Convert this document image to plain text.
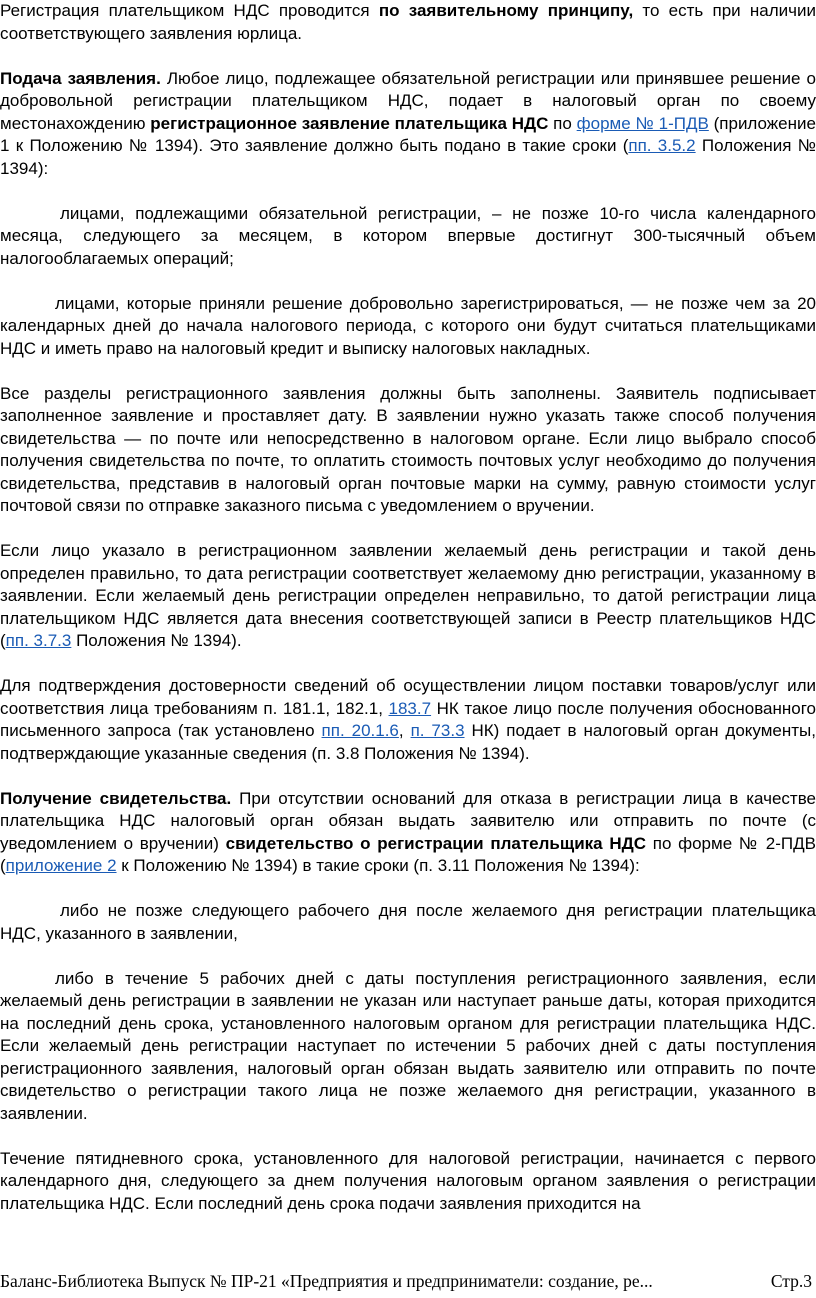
Регистрация плательщиком НДС проводится по заявительному принципу, то есть при наличии соответствующего заявления юрлица.

Подача заявления. Любое лицо, подлежащее обязательной регистрации или принявшее решение о добровольной регистрации плательщиком НДС, подает в налоговый орган по своему местонахождению регистрационное заявление плательщика НДС по форме № 1-ПДВ (приложение 1 к Положению № 1394). Это заявление должно быть подано в такие сроки (пп. 3.5.2 Положения № 1394):

лицами, подлежащими обязательной регистрации, – не позже 10-го числа календарного месяца, следующего за месяцем, в котором впервые достигнут 300-тысячный объем налогооблагаемых операций;

лицами, которые приняли решение добровольно зарегистрироваться, — не позже чем за 20 календарных дней до начала налогового периода, с которого они будут считаться плательщиками НДС и иметь право на налоговый кредит и выписку налоговых накладных.

Все разделы регистрационного заявления должны быть заполнены. Заявитель подписывает заполненное заявление и проставляет дату. В заявлении нужно указать также способ получения свидетельства — по почте или непосредственно в налоговом органе. Если лицо выбрало способ получения свидетельства по почте, то оплатить стоимость почтовых услуг необходимо до получения свидетельства, представив в налоговый орган почтовые марки на сумму, равную стоимости услуг почтовой связи по отправке заказного письма с уведомлением о вручении.

Если лицо указало в регистрационном заявлении желаемый день регистрации и такой день определен правильно, то дата регистрации соответствует желаемому дню регистрации, указанному в заявлении. Если желаемый день регистрации определен неправильно, то датой регистрации лица плательщиком НДС является дата внесения соответствующей записи в Реестр плательщиков НДС (пп. 3.7.3 Положения № 1394).

Для подтверждения достоверности сведений об осуществлении лицом поставки товаров/услуг или соответствия лица требованиям п. 181.1, 182.1, 183.7 НК такое лицо после получения обоснованного письменного запроса (так установлено пп. 20.1.6, п. 73.3 НК) подает в налоговый орган документы, подтверждающие указанные сведения (п. 3.8 Положения № 1394).

Получение свидетельства. При отсутствии оснований для отказа в регистрации лица в качестве плательщика НДС налоговый орган обязан выдать заявителю или отправить по почте (с уведомлением о вручении) свидетельство о регистрации плательщика НДС по форме № 2-ПДВ (приложение 2 к Положению № 1394) в такие сроки (п. 3.11 Положения № 1394):

либо не позже следующего рабочего дня после желаемого дня регистрации плательщика НДС, указанного в заявлении,

либо в течение 5 рабочих дней с даты поступления регистрационного заявления, если желаемый день регистрации в заявлении не указан или наступает раньше даты, которая приходится на последний день срока, установленного налоговым органом для регистрации плательщика НДС. Если желаемый день регистрации наступает по истечении 5 рабочих дней с даты поступления регистрационного заявления, налоговый орган обязан выдать заявителю или отправить по почте свидетельство о регистрации такого лица не позже желаемого дня регистрации, указанного в заявлении.

Течение пятидневного срока, установленного для налоговой регистрации, начинается с первого календарного дня, следующего за днем получения налоговым органом заявления о регистрации плательщика НДС. Если последний день срока подачи заявления приходится на

Баланс-Библиотека Выпуск № ПР-21 «Предприятия и предприниматели: создание, ре...	Стр.3
